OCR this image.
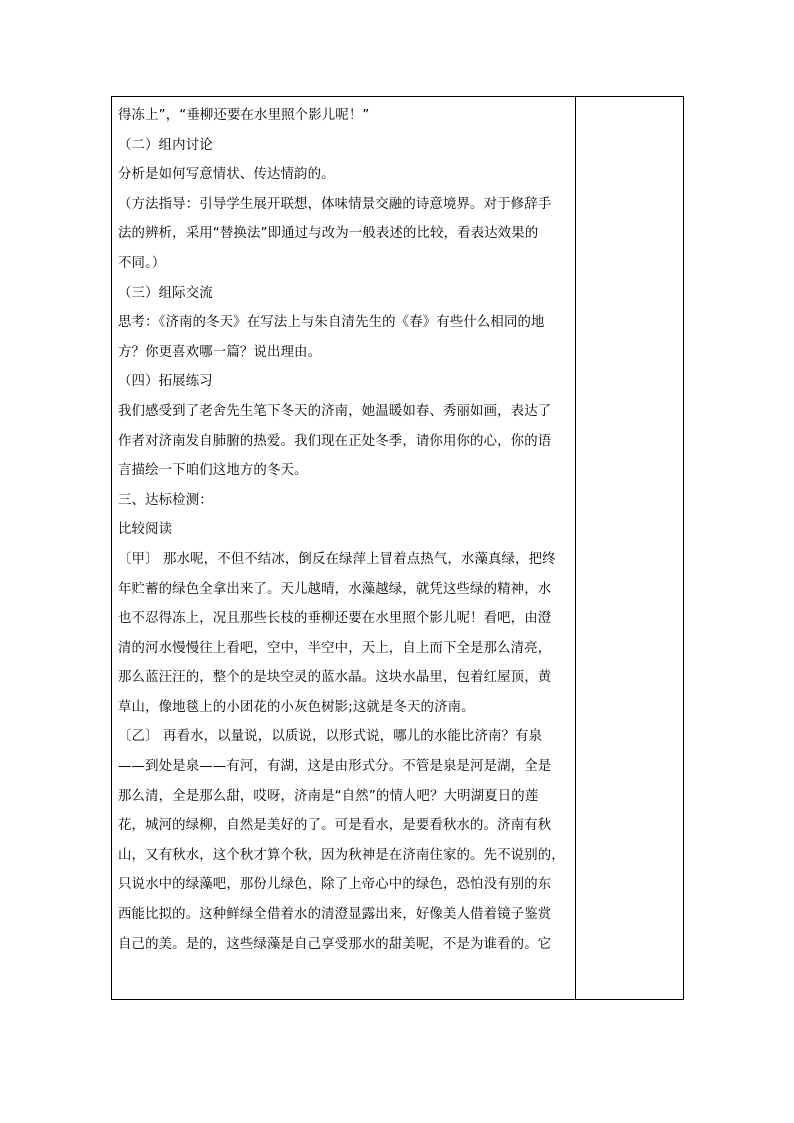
得冻上”，“垂柳还要在水里照个影儿呢！”
（二）组内讨论
分析是如何写意情状、传达情韵的。
（方法指导：引导学生展开联想，体味情景交融的诗意境界。对于修辞手
法的辨析，采用“替换法”即通过与改为一般表述的比较，看表达效果的
不同。）
（三）组际交流
思考：《济南的冬天》在写法上与朱自清先生的《春》有些什么相同的地
方？你更喜欢哪一篇？说出理由。
（四）拓展练习
我们感受到了老舍先生笔下冬天的济南，她温暖如春、秀丽如画，表达了
作者对济南发自肺腑的热爱。我们现在正处冬季，请你用你的心，你的语
言描绘一下咱们这地方的冬天。
三、达标检测：
比较阅读
〔甲〕 那水呢，不但不结冰，倒反在绿萍上冒着点热气，水藻真绿，把终
年贮蓄的绿色全拿出来了。天儿越晴，水藻越绿，就凭这些绿的精神，水
也不忍得冻上，况且那些长枝的垂柳还要在水里照个影儿呢！看吧，由澄
清的河水慢慢往上看吧，空中，半空中，天上，自上而下全是那么清亮，
那么蓝汪汪的，整个的是块空灵的蓝水晶。这块水晶里，包着红屋顶，黄
草山，像地毯上的小团花的小灰色树影;这就是冬天的济南。
〔乙〕 再看水，以量说，以质说，以形式说，哪儿的水能比济南？有泉
——到处是泉——有河，有湖，这是由形式分。不管是泉是河是湖，全是
那么清，全是那么甜，哎呀，济南是“自然”的情人吧？大明湖夏日的莲
花，城河的绿柳，自然是美好的了。可是看水，是要看秋水的。济南有秋
山，又有秋水，这个秋才算个秋，因为秋神是在济南住家的。先不说别的，
只说水中的绿藻吧，那份儿绿色，除了上帝心中的绿色，恐怕没有别的东
西能比拟的。这种鲜绿全借着水的清澄显露出来，好像美人借着镜子鉴赏
自己的美。是的，这些绿藻是自己享受那水的甜美呢，不是为谁看的。它
